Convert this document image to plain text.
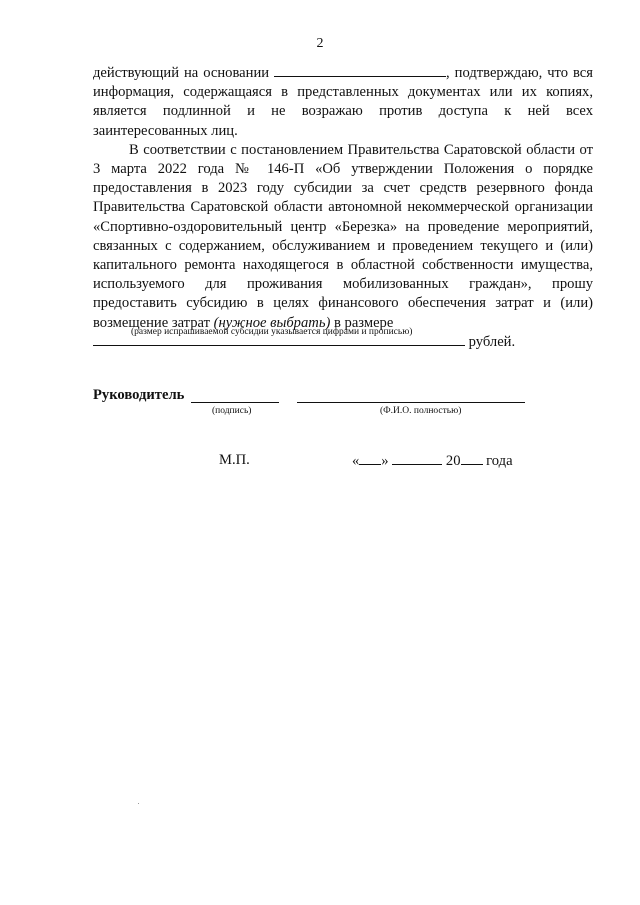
2

действующий на основании	, подтверждаю, что вся информация, содержащаяся в представленных документах или их копиях, является подлинной и не возражаю против доступа к ней всех заинтересованных лиц.

В соответствии с постановлением Правительства Саратовской области от 3 марта 2022 года № 146-П «Об утверждении Положения о порядке предоставления в 2023 году субсидии за счет средств резервного фонда Правительства Саратовской области автономной некоммерческой организации «Спортивно-оздоровительный центр «Березка» на проведение мероприятий, связанных с содержанием, обслуживанием и проведением текущего и (или) капитального ремонта находящегося в областной собственности имущества, используемого для проживания мобилизованных граждан», прошу предоставить субсидию в целях финансового обеспечения затрат и (или) возмещение затрат (нужное выбрать) в размере

рублей.

(размер испрашиваемой субсидии указывается цифрами и прописью)
Руководитель
(подпись)	(Ф.И.О. полностью)
М.П.	« »	20 года
